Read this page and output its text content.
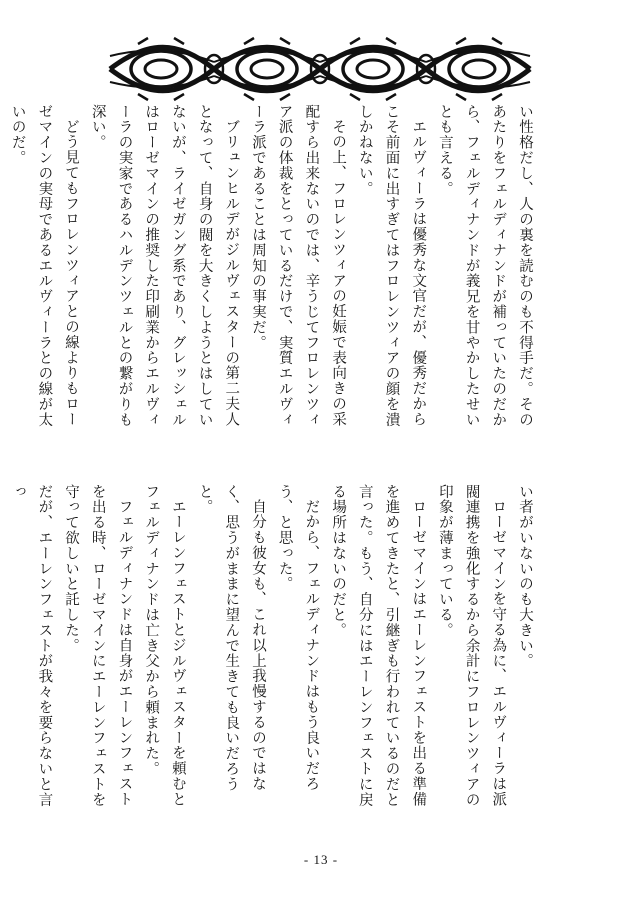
い性格だし、人の裏を読むのも不得手だ。そのあたりをフェルディナンドが補っていたのだから、フェルディナンドが義兄を甘やかしたせいとも言える。

エルヴィーラは優秀な文官だが、優秀だからこそ前面に出すぎてはフロレンツィアの顔を潰しかねない。

その上、フロレンツィアの妊娠で表向きの采配すら出来ないのでは、辛うじてフロレンツィア派の体裁をとっているだけで、実質エルヴィーラ派であることは周知の事実だ。

ブリュンヒルデがジルヴェスターの第二夫人となって、自身の閥を大きくしようとはしていないが、ライゼガング系であり、グレッシェルはローゼマインの推奨した印刷業からエルヴィーラの実家であるハルデンツェルとの繋がりも深い。

どう見てもフロレンツィアとの線よりもローゼマインの実母であるエルヴィーラとの線が太いのだ。

い者がいないのも大きい。

ローゼマインを守る為に、エルヴィーラは派閥連携を強化するから余計にフロレンツィアの印象が薄まっている。

ローゼマインはエーレンフェストを出る準備を進めてきたと、引継ぎも行われているのだと言った。もう、自分にはエーレンフェストに戻る場所はないのだと。

だから、フェルディナンドはもう良いだろう、と思った。

自分も彼女も、これ以上我慢するのではなく、思うがままに望んで生きても良いだろうと。

エーレンフェストとジルヴェスターを頼むとフェルディナンドは亡き父から頼まれた。

フェルディナンドは自身がエーレンフェストを出る時、ローゼマインにエーレンフェストを守って欲しいと託した。

だが、エーレンフェストが我々を要らないと言っ

- 13 -
